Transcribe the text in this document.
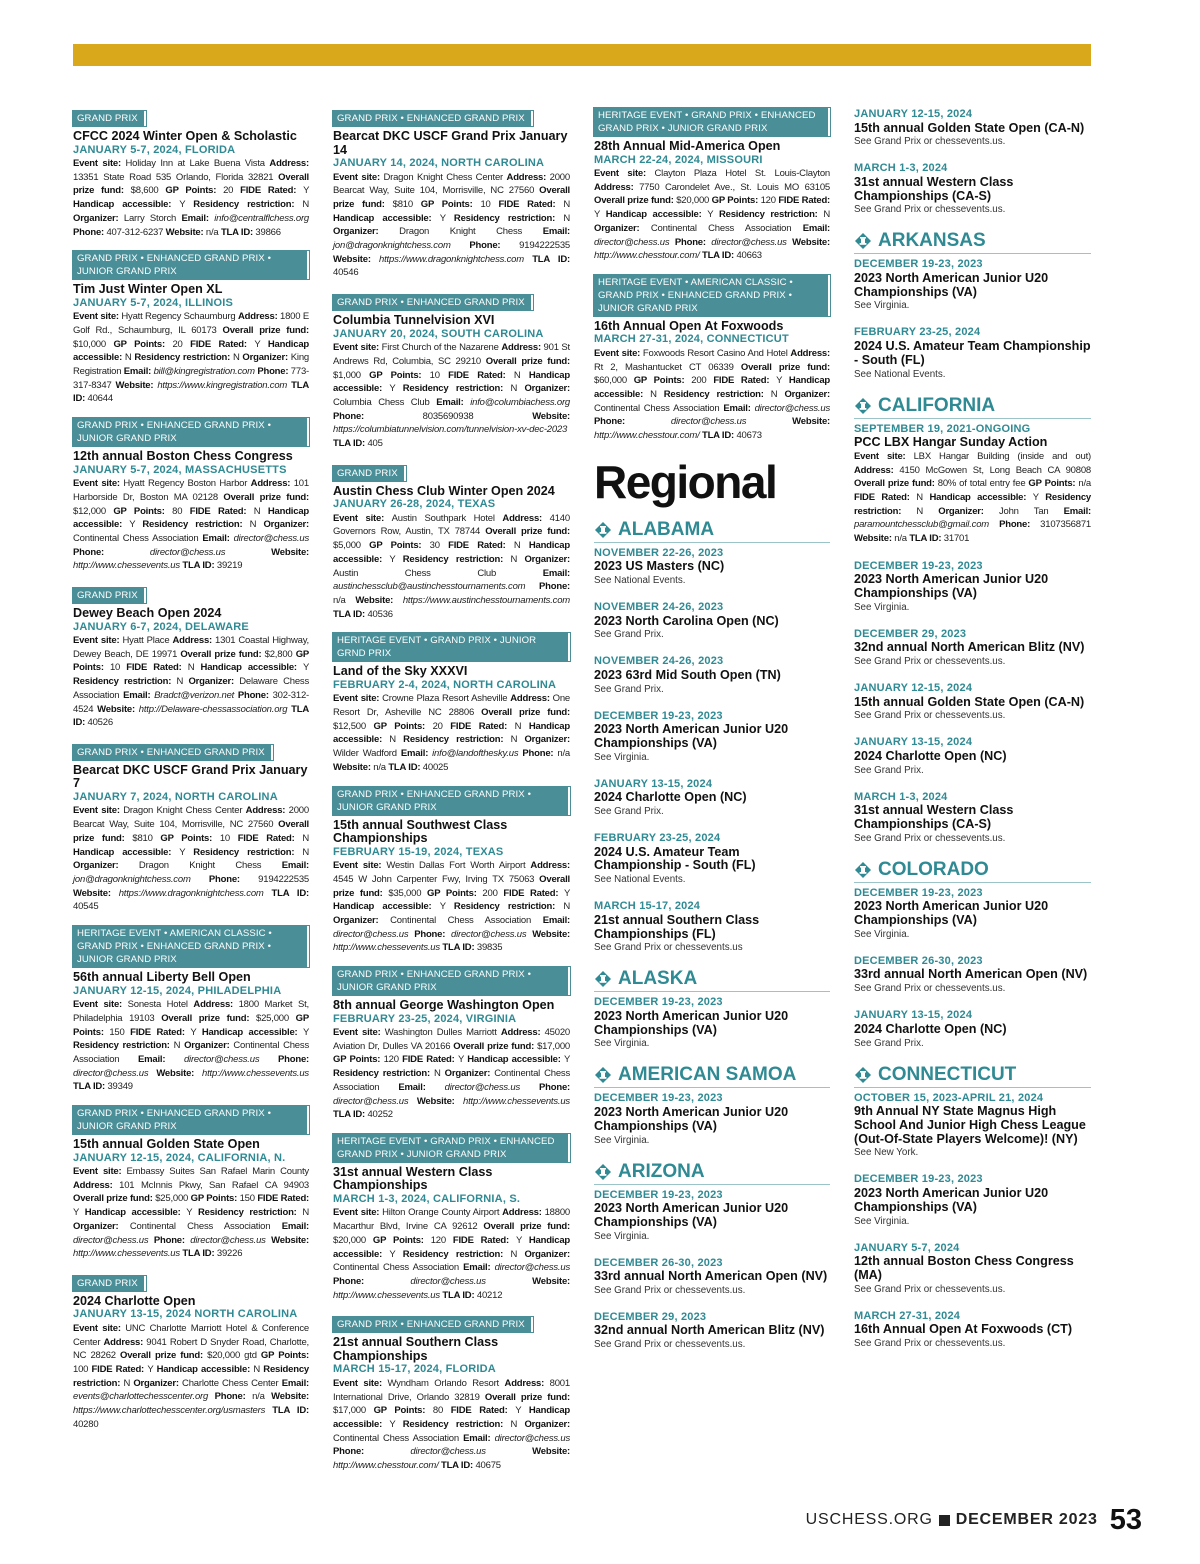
GRAND PRIX
CFCC 2024 Winter Open & Scholastic
JANUARY 5-7, 2024, FLORIDA
Event site: Holiday Inn at Lake Buena Vista Address: 13351 State Road 535 Orlando, Florida 32821 Overall prize fund: $8,600 GP Points: 20 FIDE Rated: Y Handicap accessible: Y Residency restriction: N Organizer: Larry Storch Email: info@centralflchess.org Phone: 407-312-6237 Website: n/a TLA ID: 39866
GRAND PRIX • ENHANCED GRAND PRIX • JUNIOR GRAND PRIX
Tim Just Winter Open XL
JANUARY 5-7, 2024, ILLINOIS
Event site: Hyatt Regency Schaumburg Address: 1800 E Golf Rd., Schaumburg, IL 60173 Overall prize fund: $10,000 GP Points: 20 FIDE Rated: Y Handicap accessible: N Residency restriction: N Organizer: King Registration Email: bill@kingregistration.com Phone: 773-317-8347 Website: https://www.kingregistration.com TLA ID: 40644
GRAND PRIX • ENHANCED GRAND PRIX • JUNIOR GRAND PRIX
12th annual Boston Chess Congress
JANUARY 5-7, 2024, MASSACHUSETTS
Event site: Hyatt Regency Boston Harbor Address: 101 Harborside Dr, Boston MA 02128 Overall prize fund: $12,000 GP Points: 80 FIDE Rated: N Handicap accessible: Y Residency restriction: N Organizer: Continental Chess Association Email: director@chess.us Phone: director@chess.us Website: http://www.chessevents.us TLA ID: 39219
GRAND PRIX
Dewey Beach Open 2024
JANUARY 6-7, 2024, DELAWARE
Event site: Hyatt Place Address: 1301 Coastal Highway, Dewey Beach, DE 19971 Overall prize fund: $2,800 GP Points: 10 FIDE Rated: N Handicap accessible: Y Residency restriction: N Organizer: Delaware Chess Association Email: Bradct@verizon.net Phone: 302-312-4524 Website: http://Delaware-chessassociation.org TLA ID: 40526
GRAND PRIX • ENHANCED GRAND PRIX
Bearcat DKC USCF Grand Prix January 7
JANUARY 7, 2024, NORTH CAROLINA
Event site: Dragon Knight Chess Center Address: 2000 Bearcat Way, Suite 104, Morrisville, NC 27560 Overall prize fund: $810 GP Points: 10 FIDE Rated: N Handicap accessible: Y Residency restriction: N Organizer: Dragon Knight Chess Email: jon@dragonknightchess.com Phone: 9194222535 Website: https://www.dragonknightchess.com TLA ID: 40545
HERITAGE EVENT • AMERICAN CLASSIC • GRAND PRIX • ENHANCED GRAND PRIX • JUNIOR GRAND PRIX
56th annual Liberty Bell Open
JANUARY 12-15, 2024, PHILADELPHIA
Event site: Sonesta Hotel Address: 1800 Market St, Philadelphia 19103 Overall prize fund: $25,000 GP Points: 150 FIDE Rated: Y Handicap accessible: Y Residency restriction: N Organizer: Continental Chess Association Email: director@chess.us Phone: director@chess.us Website: http://www.chessevents.us TLA ID: 39349
GRAND PRIX • ENHANCED GRAND PRIX • JUNIOR GRAND PRIX
15th annual Golden State Open
JANUARY 12-15, 2024, CALIFORNIA, N.
Event site: Embassy Suites San Rafael Marin County Address: 101 McInnis Pkwy, San Rafael CA 94903 Overall prize fund: $25,000 GP Points: 150 FIDE Rated: Y Handicap accessible: Y Residency restriction: N Organizer: Continental Chess Association Email: director@chess.us Phone: director@chess.us Website: http://www.chessevents.us TLA ID: 39226
GRAND PRIX
2024 Charlotte Open
JANUARY 13-15, 2024 NORTH CAROLINA
Event site: UNC Charlotte Marriott Hotel & Conference Center Address: 9041 Robert D Snyder Road, Charlotte, NC 28262 Overall prize fund: $20,000 gtd GP Points: 100 FIDE Rated: Y Handicap accessible: N Residency restriction: N Organizer: Charlotte Chess Center Email: events@charlottechesscenter.org Phone: n/a Website: https://www.charlottechesscenter.org/usmasters TLA ID: 40280
GRAND PRIX • ENHANCED GRAND PRIX
Bearcat DKC USCF Grand Prix January 14
JANUARY 14, 2024, NORTH CAROLINA
Event site: Dragon Knight Chess Center Address: 2000 Bearcat Way, Suite 104, Morrisville, NC 27560 Overall prize fund: $810 GP Points: 10 FIDE Rated: N Handicap accessible: Y Residency restriction: N Organizer: Dragon Knight Chess Email: jon@dragonknightchess.com Phone: 9194222535 Website: https://www.dragonknightchess.com TLA ID: 40546
GRAND PRIX • ENHANCED GRAND PRIX
Columbia Tunnelvision XVI
JANUARY 20, 2024, SOUTH CAROLINA
Event site: First Church of the Nazarene Address: 901 St Andrews Rd, Columbia, SC 29210 Overall prize fund: $1,000 GP Points: 10 FIDE Rated: N Handicap accessible: Y Residency restriction: N Organizer: Columbia Chess Club Email: info@columbiachess.org Phone: 8035690938 Website: https://columbiatunnelvision.com/tunnelvision-xv-dec-2023 TLA ID: 405
GRAND PRIX
Austin Chess Club Winter Open 2024
JANUARY 26-28, 2024, TEXAS
Event site: Austin Southpark Hotel Address: 4140 Governors Row, Austin, TX 78744 Overall prize fund: $5,000 GP Points: 30 FIDE Rated: N Handicap accessible: Y Residency restriction: N Organizer: Austin Chess Club Email: austinchessclub@austinchesstournaments.com Phone: n/a Website: https://www.austinchesstournaments.com TLA ID: 40536
HERITAGE EVENT • GRAND PRIX • JUNIOR GRND PRIX
Land of the Sky XXXVI
FEBRUARY 2-4, 2024, NORTH CAROLINA
Event site: Crowne Plaza Resort Asheville Address: One Resort Dr, Asheville NC 28806 Overall prize fund: $12,500 GP Points: 20 FIDE Rated: N Handicap accessible: N Residency restriction: N Organizer: Wilder Wadford Email: info@landofthesky.us Phone: n/a Website: n/a TLA ID: 40025
GRAND PRIX • ENHANCED GRAND PRIX • JUNIOR GRAND PRIX
15th annual Southwest Class Championships
FEBRUARY 15-19, 2024, TEXAS
Event site: Westin Dallas Fort Worth Airport Address: 4545 W John Carpenter Fwy, Irving TX 75063 Overall prize fund: $35,000 GP Points: 200 FIDE Rated: Y Handicap accessible: Y Residency restriction: N Organizer: Continental Chess Association Email: director@chess.us Phone: director@chess.us Website: http://www.chessevents.us TLA ID: 39835
GRAND PRIX • ENHANCED GRAND PRIX • JUNIOR GRAND PRIX
8th annual George Washington Open
FEBRUARY 23-25, 2024, VIRGINIA
Event site: Washington Dulles Marriott Address: 45020 Aviation Dr, Dulles VA 20166 Overall prize fund: $17,000 GP Points: 120 FIDE Rated: Y Handicap accessible: Y Residency restriction: N Organizer: Continental Chess Association Email: director@chess.us Phone: director@chess.us Website: http://www.chessevents.us TLA ID: 40252
HERITAGE EVENT • GRAND PRIX • ENHANCED GRAND PRIX • JUNIOR GRAND PRIX
31st annual Western Class Championships
MARCH 1-3, 2024, CALIFORNIA, S.
Event site: Hilton Orange County Airport Address: 18800 Macarthur Blvd, Irvine CA 92612 Overall prize fund: $20,000 GP Points: 120 FIDE Rated: Y Handicap accessible: Y Residency restriction: N Organizer: Continental Chess Association Email: director@chess.us Phone: director@chess.us Website: http://www.chessevents.us TLA ID: 40212
GRAND PRIX • ENHANCED GRAND PRIX
21st annual Southern Class Championships
MARCH 15-17, 2024, FLORIDA
Event site: Wyndham Orlando Resort Address: 8001 International Drive, Orlando 32819 Overall prize fund: $17,000 GP Points: 80 FIDE Rated: Y Handicap accessible: Y Residency restriction: N Organizer: Continental Chess Association Email: director@chess.us Phone: director@chess.us Website: http://www.chesstour.com/ TLA ID: 40675
HERITAGE EVENT • GRAND PRIX • ENHANCED GRAND PRIX • JUNIOR GRAND PRIX
28th Annual Mid-America Open
MARCH 22-24, 2024, MISSOURI
Event site: Clayton Plaza Hotel St. Louis-Clayton Address: 7750 Carondelet Ave., St. Louis MO 63105 Overall prize fund: $20,000 GP Points: 120 FIDE Rated: Y Handicap accessible: Y Residency restriction: N Organizer: Continental Chess Association Email: director@chess.us Phone: director@chess.us Website: http://www.chesstour.com/ TLA ID: 40663
HERITAGE EVENT • AMERICAN CLASSIC • GRAND PRIX • ENHANCED GRAND PRIX • JUNIOR GRAND PRIX
16th Annual Open At Foxwoods
MARCH 27-31, 2024, CONNECTICUT
Event site: Foxwoods Resort Casino And Hotel Address: Rt 2, Mashantucket CT 06339 Overall prize fund: $60,000 GP Points: 200 FIDE Rated: Y Handicap accessible: N Residency restriction: N Organizer: Continental Chess Association Email: director@chess.us Phone: director@chess.us Website: http://www.chesstour.com/ TLA ID: 40673
Regional
ALABAMA
NOVEMBER 22-26, 2023
2023 US Masters (NC)
See National Events.
NOVEMBER 24-26, 2023
2023 North Carolina Open (NC)
See Grand Prix.
NOVEMBER 24-26, 2023
2023 63rd Mid South Open (TN)
See Grand Prix.
DECEMBER 19-23, 2023
2023 North American Junior U20 Championships (VA)
See Virginia.
JANUARY 13-15, 2024
2024 Charlotte Open (NC)
See Grand Prix.
FEBRUARY 23-25, 2024
2024 U.S. Amateur Team Championship - South (FL)
See National Events.
MARCH 15-17, 2024
21st annual Southern Class Championships (FL)
See Grand Prix or chessevents.us
ALASKA
DECEMBER 19-23, 2023
2023 North American Junior U20 Championships (VA)
See Virginia.
AMERICAN SAMOA
DECEMBER 19-23, 2023
2023 North American Junior U20 Championships (VA)
See Virginia.
ARIZONA
DECEMBER 19-23, 2023
2023 North American Junior U20 Championships (VA)
See Virginia.
DECEMBER 26-30, 2023
33rd annual North American Open (NV)
See Grand Prix or chessevents.us.
DECEMBER 29, 2023
32nd annual North American Blitz (NV)
See Grand Prix or chessevents.us.
JANUARY 12-15, 2024
15th annual Golden State Open (CA-N)
See Grand Prix or chessevents.us.
MARCH 1-3, 2024
31st annual Western Class Championships (CA-S)
See Grand Prix or chessevents.us.
ARKANSAS
DECEMBER 19-23, 2023
2023 North American Junior U20 Championships (VA)
See Virginia.
FEBRUARY 23-25, 2024
2024 U.S. Amateur Team Championship - South (FL)
See National Events.
CALIFORNIA
SEPTEMBER 19, 2021-ONGOING
PCC LBX Hangar Sunday Action
Event site: LBX Hangar Building (inside and out) Address: 4150 McGowen St, Long Beach CA 90808 Overall prize fund: 80% of total entry fee GP Points: n/a FIDE Rated: N Handicap accessible: Y Residency restriction: N Organizer: John Tan Email: paramountchessclub@gmail.com Phone: 3107356871 Website: n/a TLA ID: 31701
DECEMBER 19-23, 2023
2023 North American Junior U20 Championships (VA)
See Virginia.
DECEMBER 29, 2023
32nd annual North American Blitz (NV)
See Grand Prix or chessevents.us.
JANUARY 12-15, 2024
15th annual Golden State Open (CA-N)
See Grand Prix or chessevents.us.
JANUARY 13-15, 2024
2024 Charlotte Open (NC)
See Grand Prix.
MARCH 1-3, 2024
31st annual Western Class Championships (CA-S)
See Grand Prix or chessevents.us.
COLORADO
DECEMBER 19-23, 2023
2023 North American Junior U20 Championships (VA)
See Virginia.
DECEMBER 26-30, 2023
33rd annual North American Open (NV)
See Grand Prix or chessevents.us.
JANUARY 13-15, 2024
2024 Charlotte Open (NC)
See Grand Prix.
CONNECTICUT
OCTOBER 15, 2023-APRIL 21, 2024
9th Annual NY State Magnus High School And Junior High Chess League (Out-Of-State Players Welcome)! (NY)
See New York.
DECEMBER 19-23, 2023
2023 North American Junior U20 Championships (VA)
See Virginia.
JANUARY 5-7, 2024
12th annual Boston Chess Congress (MA)
See Grand Prix or chessevents.us.
MARCH 27-31, 2024
16th Annual Open At Foxwoods (CT)
See Grand Prix or chessevents.us.
USCHESS.ORG DECEMBER 2023 53
